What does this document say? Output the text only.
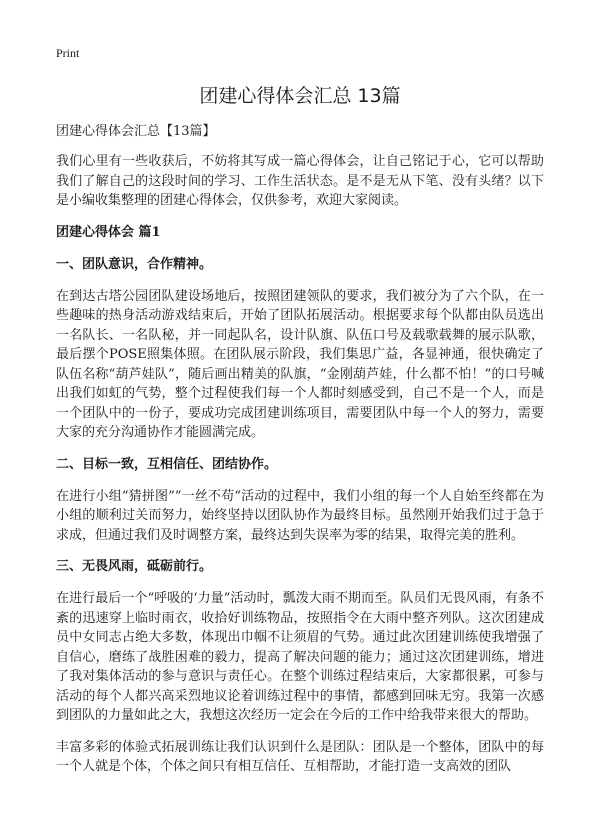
Print
团建心得体会汇总 13篇
团建心得体会汇总【13篇】

我们心里有一些收获后，不妨将其写成一篇心得体会，让自己铭记于心，它可以帮助我们了解自己的这段时间的学习、工作生活状态。是不是无从下笔、没有头绪？以下是小编收集整理的团建心得体会，仅供参考，欢迎大家阅读。

团建心得体会 篇1
一、团队意识，合作精神。

在到达古塔公园团队建设场地后，按照团建领队的要求，我们被分为了六个队，在一些趣味的热身活动游戏结束后，开始了团队拓展活动。根据要求每个队都由队员选出一名队长、一名队秘，并一同起队名，设计队旗、队伍口号及载歌载舞的展示队歌，最后摆个POSE照集体照。在团队展示阶段，我们集思广益，各显神通，很快确定了队伍名称“葫芦娃队”，随后画出精美的队旗，“金刚葫芦娃，什么都不怕！”的口号喊出我们如虹的气势，整个过程使我们每一个人都时刻感受到，自己不是一个人，而是一个团队中的一份子，要成功完成团建训练项目，需要团队中每一个人的努力，需要大家的充分沟通协作才能圆满完成。

二、目标一致，互相信任、团结协作。

在进行小组“猜拼图””一丝不苟“活动的过程中，我们小组的每一个人自始至终都在为小组的顺利过关而努力，始终坚持以团队协作为最终目标。虽然刚开始我们过于急于求成，但通过我们及时调整方案，最终达到失误率为零的结果，取得完美的胜利。

三、无畏风雨，砥砺前行。

在进行最后一个“呼吸的‘力量”活动时，瓢泼大雨不期而至。队员们无畏风雨，有条不紊的迅速穿上临时雨衣，收拾好训练物品，按照指令在大雨中整齐列队。这次团建成员中女同志占绝大多数，体现出巾帼不让须眉的气势。通过此次团建训练使我增强了自信心，磨练了战胜困难的毅力，提高了解决问题的能力；通过这次团建训练，增进了我对集体活动的参与意识与责任心。在整个训练过程结束后，大家都很累，可参与活动的每个人都兴高采烈地议论着训练过程中的事情，都感到回味无穷。我第一次感到团队的力量如此之大，我想这次经历一定会在今后的工作中给我带来很大的帮助。

丰富多彩的体验式拓展训练让我们认识到什么是团队：团队是一个整体，团队中的每一个人就是个体，个体之间只有相互信任、互相帮助，才能打造一支高效的团队
